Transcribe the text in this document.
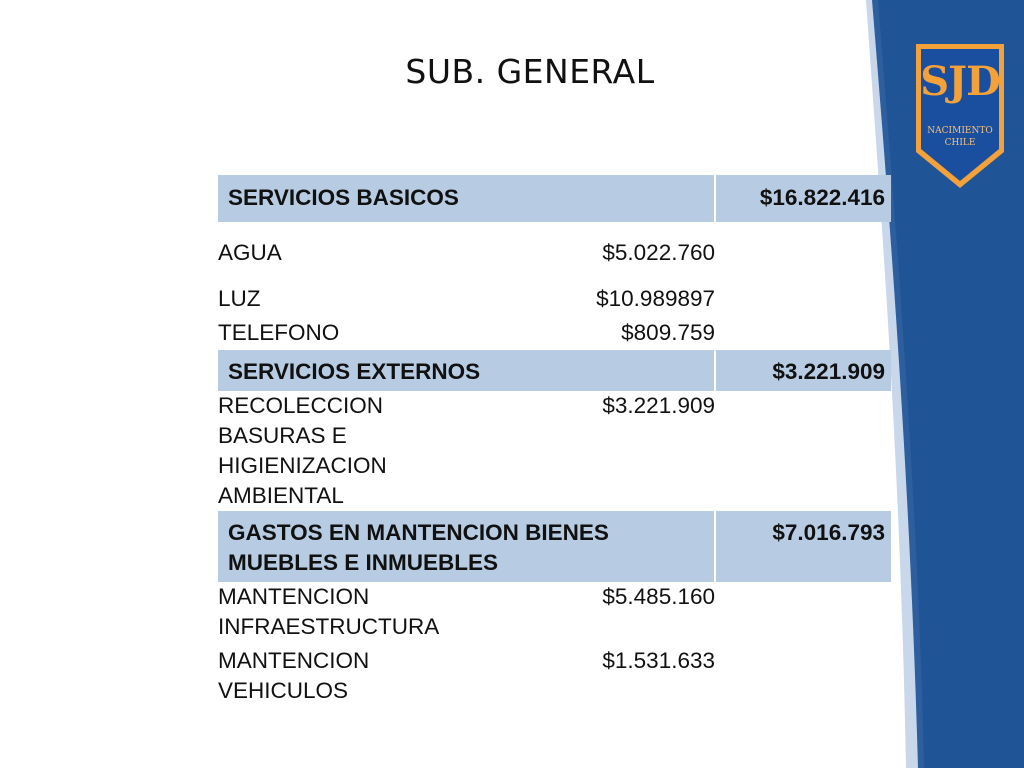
SJD
NACIMIENTO
CHILE
SUB. GENERAL
SERVICIOS BASICOS		$16.822.416
AGUA	$5.022.760	
LUZ	$10.989897	
TELEFONO	$809.759	
SERVICIOS EXTERNOS		$3.221.909

RECOLECCION
BASURAS E
HIGIENIZACION
AMBIENTAL	$3.221.909	

GASTOS EN MANTENCION BIENES
MUEBLES E INMUEBLES		$7.016.793

MANTENCION
INFRAESTRUCTURA	$5.485.160	

MANTENCION
VEHICULOS	$1.531.633	
